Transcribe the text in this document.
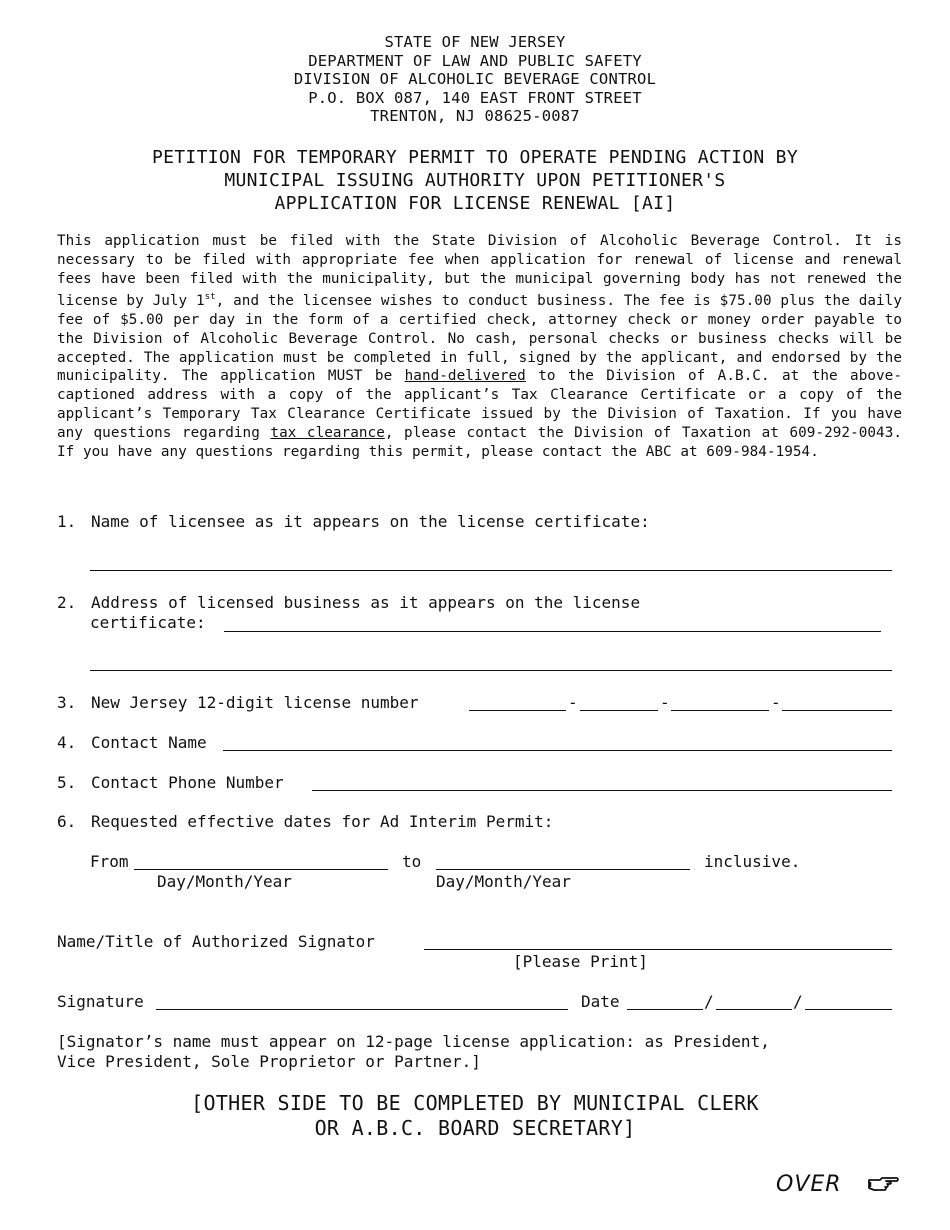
STATE OF NEW JERSEY
DEPARTMENT OF LAW AND PUBLIC SAFETY
DIVISION OF ALCOHOLIC BEVERAGE CONTROL
P.O. BOX 087, 140 EAST FRONT STREET
TRENTON, NJ 08625-0087
PETITION FOR TEMPORARY PERMIT TO OPERATE PENDING ACTION BY
MUNICIPAL ISSUING AUTHORITY UPON PETITIONER'S
APPLICATION FOR LICENSE RENEWAL [AI]
This application must be filed with the State Division of Alcoholic Beverage Control. It is necessary to be filed with appropriate fee when application for renewal of license and renewal fees have been filed with the municipality, but the municipal governing body has not renewed the license by July 1st, and the licensee wishes to conduct business. The fee is $75.00 plus the daily fee of $5.00 per day in the form of a certified check, attorney check or money order payable to the Division of Alcoholic Beverage Control. No cash, personal checks or business checks will be accepted. The application must be completed in full, signed by the applicant, and endorsed by the municipality. The application MUST be hand-delivered to the Division of A.B.C. at the above-captioned address with a copy of the applicant’s Tax Clearance Certificate or a copy of the applicant’s Temporary Tax Clearance Certificate issued by the Division of Taxation. If you have any questions regarding tax clearance, please contact the Division of Taxation at 609-292-0043. If you have any questions regarding this permit, please contact the ABC at 609-984-1954.
1. Name of licensee as it appears on the license certificate:
2. Address of licensed business as it appears on the license
certificate:
3. New Jersey 12-digit license number	-	-	-
4. Contact Name
5. Contact Phone Number
6. Requested effective dates for Ad Interim Permit:
From	to	inclusive.
Day/Month/Year	Day/Month/Year
Name/Title of Authorized Signator
[Please Print]
Signature	Date	/	/
[Signator’s name must appear on 12-page license application: as President,
Vice President, Sole Proprietor or Partner.]
[OTHER SIDE TO BE COMPLETED BY MUNICIPAL CLERK
OR A.B.C. BOARD SECRETARY]
OVER
